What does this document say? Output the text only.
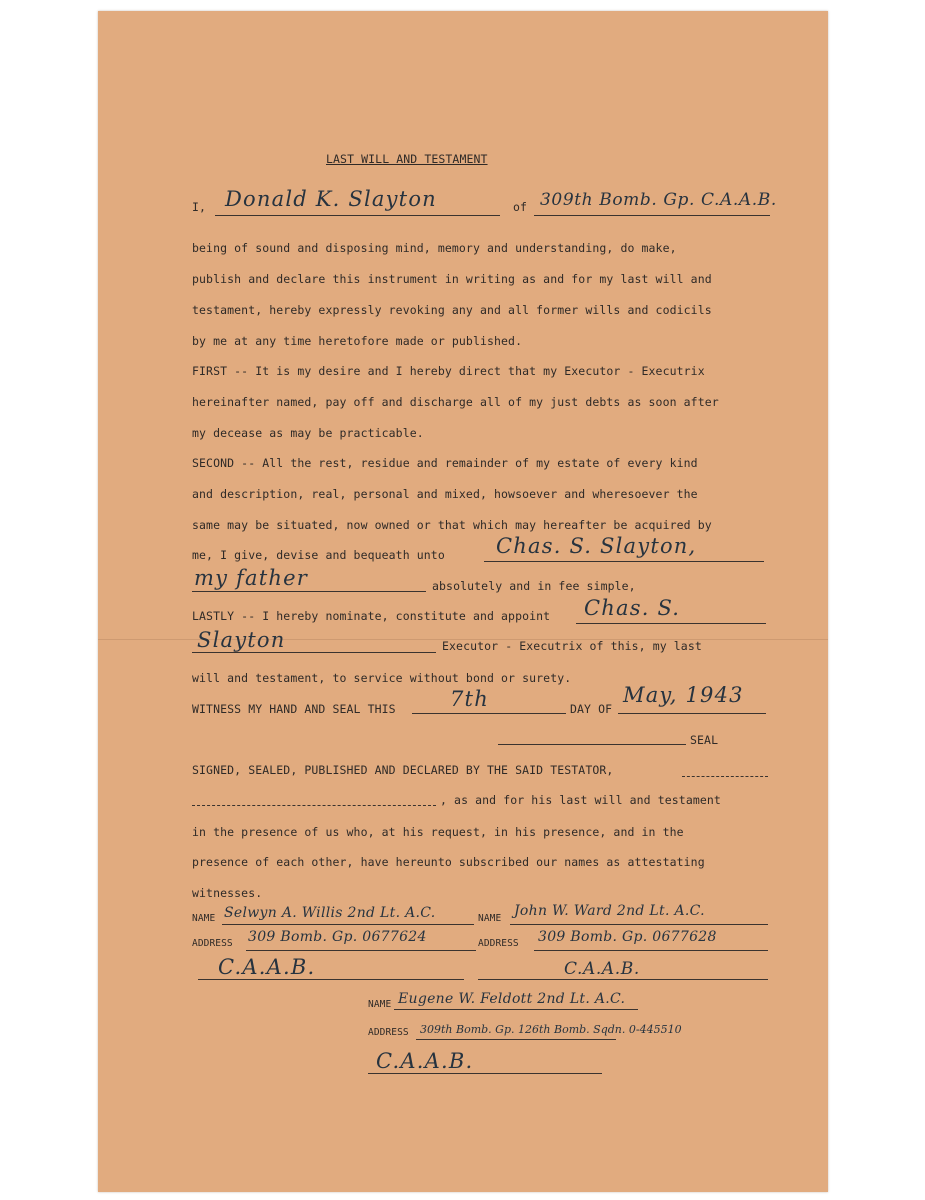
LAST WILL AND TESTAMENT
I, Donald K. Slayton	of 309th Bomb. Gp. C.A.A.B.
being of sound and disposing mind, memory and understanding, do make,
publish and declare this instrument in writing as and for my last will and
testament, hereby expressly revoking any and all former wills and codicils
by me at any time heretofore made or published.
FIRST -- It is my desire and I hereby direct that my Executor - Executrix
hereinafter named, pay off and discharge all of my just debts as soon after
my decease as may be practicable.
SECOND -- All the rest, residue and remainder of my estate of every kind
and description, real, personal and mixed, howsoever and wheresoever the
same may be situated, now owned or that which may hereafter be acquired by
me, I give, devise and bequeath unto Chas. S. Slayton,
my father	absolutely and in fee simple,
LASTLY -- I hereby nominate, constitute and appoint Chas. S.
Slayton	Executor - Executrix of this, my last
will and testament, to service without bond or surety.
WITNESS MY HAND AND SEAL THIS	7th	DAY OF
May, 1943
SEAL
SIGNED, SEALED, PUBLISHED AND DECLARED BY THE SAID TESTATOR,
, as and for his last will and testament
in the presence of us who, at his request, in his presence, and in the
presence of each other, have hereunto subscribed our names as attestating
witnesses.
NAME Selwyn A. Willis 2nd Lt. A.C.	NAME John W. Ward 2nd Lt. A.C.
ADDRESS 309 Bomb. Gp. 0677624	ADDRESS 309 Bomb. Gp. 0677628
C.A.A.B.	C.A.A.B.
NAME Eugene W. Feldott 2nd Lt. A.C.
ADDRESS 309th Bomb. Gp. 126th Bomb. Sqdn. 0-445510
C.A.A.B.
